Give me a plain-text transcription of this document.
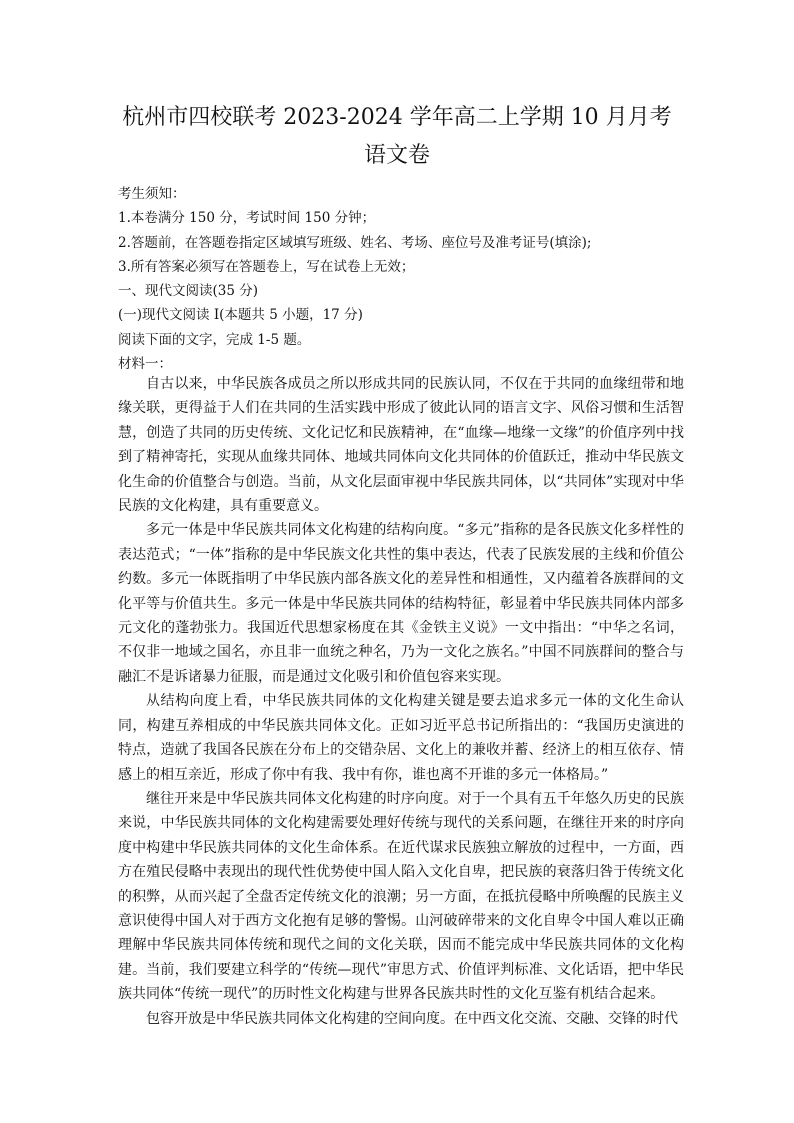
杭州市四校联考 2023-2024 学年高二上学期 10 月月考
语文卷
考生须知：
1.本卷满分 150 分，考试时间 150 分钟；
2.答题前，在答题卷指定区域填写班级、姓名、考场、座位号及准考证号(填涂);
3.所有答案必须写在答题卷上，写在试卷上无效；
一、现代文阅读(35 分)
(一)现代文阅读 I(本题共 5 小题，17 分)
阅读下面的文字，完成 1-5 题。
材料一：

自古以来，中华民族各成员之所以形成共同的民族认同，不仅在于共同的血缘纽带和地缘关联，更得益于人们在共同的生活实践中形成了彼此认同的语言文字、风俗习惯和生活智慧，创造了共同的历史传统、文化记忆和民族精神，在“血缘—地缘一文缘”的价值序列中找到了精神寄托，实现从血缘共同体、地域共同体向文化共同体的价值跃迁，推动中华民族文化生命的价值整合与创造。当前，从文化层面审视中华民族共同体，以“共同体”实现对中华民族的文化构建，具有重要意义。

多元一体是中华民族共同体文化构建的结构向度。“多元”指称的是各民族文化多样性的表达范式；“一体”指称的是中华民族文化共性的集中表达，代表了民族发展的主线和价值公约数。多元一体既指明了中华民族内部各族文化的差异性和相通性，又内蕴着各族群间的文化平等与价值共生。多元一体是中华民族共同体的结构特征，彰显着中华民族共同体内部多元文化的蓬勃张力。我国近代思想家杨度在其《金铁主义说》一文中指出：“中华之名词，不仅非一地域之国名，亦且非一血统之种名，乃为一文化之族名。”中国不同族群间的整合与融汇不是诉诸暴力征服，而是通过文化吸引和价值包容来实现。

从结构向度上看，中华民族共同体的文化构建关键是要去追求多元一体的文化生命认同，构建互养相成的中华民族共同体文化。正如习近平总书记所指出的：“我国历史演进的特点，造就了我国各民族在分布上的交错杂居、文化上的兼收并蓄、经济上的相互依存、情感上的相互亲近，形成了你中有我、我中有你，谁也离不开谁的多元一体格局。”

继往开来是中华民族共同体文化构建的时序向度。对于一个具有五千年悠久历史的民族来说，中华民族共同体的文化构建需要处理好传统与现代的关系问题，在继往开来的时序向度中构建中华民族共同体的文化生命体系。在近代谋求民族独立解放的过程中，一方面，西方在殖民侵略中表现出的现代性优势使中国人陷入文化自卑，把民族的衰落归咎于传统文化的积弊，从而兴起了全盘否定传统文化的浪潮；另一方面，在抵抗侵略中所唤醒的民族主义意识使得中国人对于西方文化抱有足够的警惕。山河破碎带来的文化自卑令中国人难以正确理解中华民族共同体传统和现代之间的文化关联，因而不能完成中华民族共同体的文化构建。当前，我们要建立科学的“传统—现代”审思方式、价值评判标准、文化话语，把中华民族共同体“传统一现代”的历时性文化构建与世界各民族共时性的文化互鉴有机结合起来。

包容开放是中华民族共同体文化构建的空间向度。在中西文化交流、交融、交锋的时代
